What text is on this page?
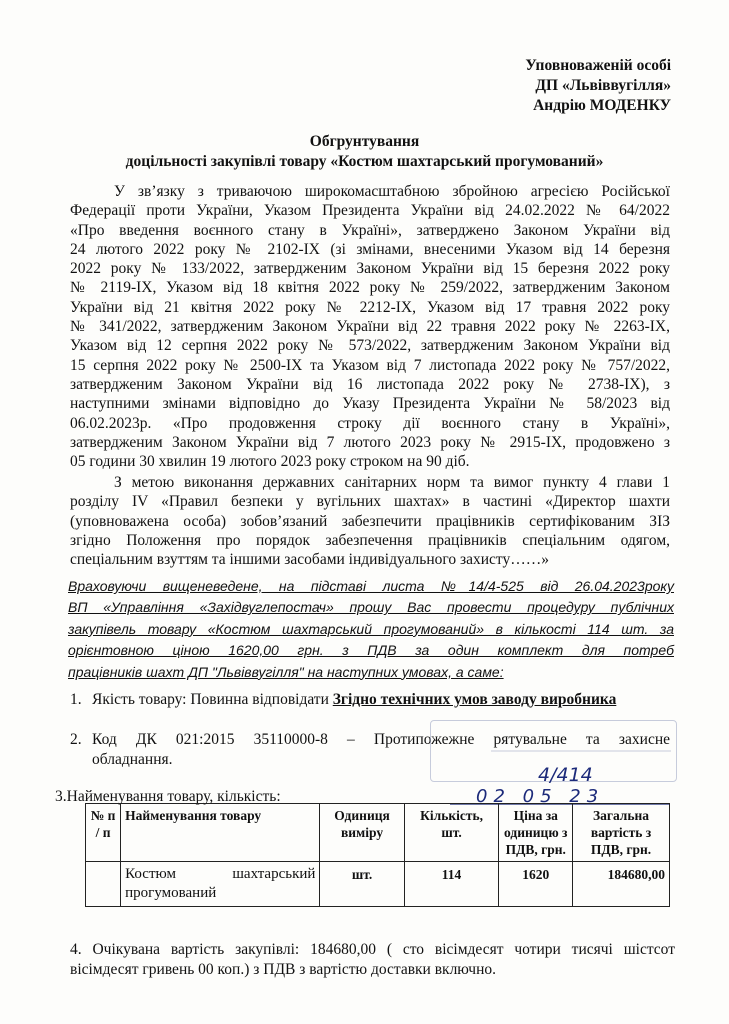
Уповноваженій особі
ДП «Львіввугілля»
Андрію МОДЕНКУ
Обгрунтування
доцільності закупівлі товару «Костюм шахтарський прогумований»
У зв’язку з триваючою широкомасштабною збройною агресією Російської
Федерації проти України, Указом Президента України від 24.02.2022 № 64/2022
«Про введення воєнного стану в Україні», затверджено Законом України від
24 лютого 2022 року № 2102-IX (зі змінами, внесеними Указом від 14 березня
2022 року № 133/2022, затвердженим Законом України від 15 березня 2022 року
№ 2119-IX, Указом від 18 квітня 2022 року № 259/2022, затвердженим Законом
України від 21 квітня 2022 року № 2212-IX, Указом від 17 травня 2022 року
№ 341/2022, затвердженим Законом України від 22 травня 2022 року № 2263-IX,
Указом від 12 серпня 2022 року № 573/2022, затвердженим Законом України від
15 серпня 2022 року № 2500-IX та Указом від 7 листопада 2022 року № 757/2022,
затвердженим Законом України від 16 листопада 2022 року № 2738-IX), з
наступними змінами відповідно до Указу Президента України № 58/2023 від
06.02.2023р. «Про продовження строку дії воєнного стану в Україні»,
затвердженим Законом України від 7 лютого 2023 року № 2915-IX, продовжено з
05 години 30 хвилин 19 лютого 2023 року строком на 90 діб.
З метою виконання державних санітарних норм та вимог пункту 4 глави 1
розділу IV «Правил безпеки у вугільних шахтах» в частині «Директор шахти
(уповноважена особа) зобов’язаний забезпечити працівників сертифікованим ЗІЗ
згідно Положення про порядок забезпечення працівників спеціальним одягом,
спеціальним взуттям та іншими засобами індивідуального захисту……»
Враховуючи вищеневедене, на підставі листа №14/4-525 від 26.04.2023року
ВП «Управління «Західвуглепостач» прошу Вас провести процедуру публічних
закупівель товару «Костюм шахтарський прогумований» в кількості 114 шт. за
орієнтовною ціною 1620,00 грн. з ПДВ за один комплект для потреб
працівників шахт ДП "Львіввугілля" на наступних умовах, а саме:
1. Якість товару: Повинна відповідати Згідно технічних умов заводу виробника
2. Код ДК 021:2015 35110000-8 – Протипожежне рятувальне та захисне
обладнання.
4/414
02 05 23
3.Найменування товару, кількість:
№ п / п	Найменування товару	Одиниця виміру	Кількість, шт.	Ціна за одиницю з ПДВ, грн.	Загальна вартість з ПДВ, грн.
	Костюм шахтарський прогумований	шт.	114	1620	184680,00
4. Очікувана вартість закупівлі: 184680,00 ( сто вісімдесят чотири тисячі шістсот
вісімдесят гривень 00 коп.) з ПДВ з вартістю доставки включно.
